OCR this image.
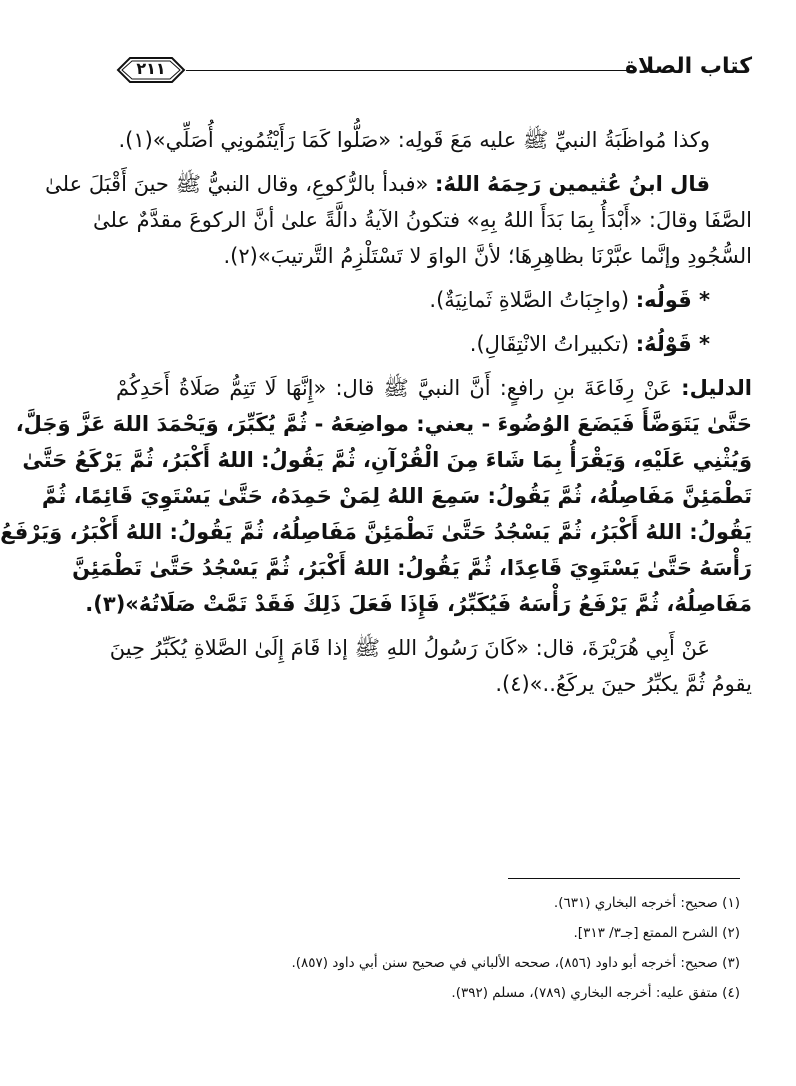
كتاب الصلاة
٢١١
وكذا مُواظَبَةُ النبيِّ ﷺ عليه مَعَ قَولِه: «صَلُّوا كَمَا رَأَيْتُمُونِي أُصَلِّي»(١).
قال ابنُ عُثيمين رَحِمَهُ اللهُ: «فبدأ بالرُّكوعِ، وقال النبيُّ ﷺ حينَ أَقْبَلَ علىٰ
الصَّفَا وقالَ: «أَبْدَأُ بِمَا بَدَأَ اللهُ بِهِ» فتكونُ الآيةُ دالَّةً علىٰ أنَّ الركوعَ مقدَّمٌ علىٰ
السُّجُودِ وإنَّما عبَّرْنَا بظاهِرِهَا؛ لأنَّ الواوَ لا تَسْتَلْزِمُ التَّرتيبَ»(٢).
* قَولُه: (واجِبَاتُ الصَّلاةِ ثَمانِيَةٌ).
* قَوْلُهُ: (تكبيراتُ الانْتِقَالِ).
الدليل: عَنْ رِفَاعَةَ بنِ رافعٍ: أَنَّ النبيَّ ﷺ قال: «إِنَّهَا لَا تَتِمُّ صَلَاةُ أَحَدِكُمْ
حَتَّىٰ يَتَوَضَّأَ فَيَضَعَ الوُضُوءَ - يعني: مواضِعَهُ - ثُمَّ يُكَبِّرَ، وَيَحْمَدَ اللهَ عَزَّ وَجَلَّ،
وَيُثْنِي عَلَيْهِ، وَيَقْرَأُ بِمَا شَاءَ مِنَ الْقُرْآنِ، ثُمَّ يَقُولُ: اللهُ أَكْبَرُ، ثُمَّ يَرْكَعُ حَتَّىٰ
تَطْمَئِنَّ مَفَاصِلُهُ، ثُمَّ يَقُولُ: سَمِعَ اللهُ لِمَنْ حَمِدَهُ، حَتَّىٰ يَسْتَوِيَ قَائِمًا، ثُمَّ
يَقُولُ: اللهُ أَكْبَرُ، ثُمَّ يَسْجُدُ حَتَّىٰ تَطْمَئِنَّ مَفَاصِلُهُ، ثُمَّ يَقُولُ: اللهُ أَكْبَرُ، وَيَرْفَعُ
رَأْسَهُ حَتَّىٰ يَسْتَوِيَ قَاعِدًا، ثُمَّ يَقُولُ: اللهُ أَكْبَرُ، ثُمَّ يَسْجُدُ حَتَّىٰ تَطْمَئِنَّ
مَفَاصِلُهُ، ثُمَّ يَرْفَعُ رَأْسَهُ فَيُكَبِّرُ، فَإِذَا فَعَلَ ذَلِكَ فَقَدْ تَمَّتْ صَلَاتُهُ»(٣).
عَنْ أَبِي هُرَيْرَةَ، قال: «كَانَ رَسُولُ اللهِ ﷺ إذا قَامَ إِلَىٰ الصَّلاةِ يُكَبِّرُ حِينَ
يقومُ ثُمَّ يكبِّرُ حينَ يركَعُ..»(٤).
(١) صحيح: أخرجه البخاري (٦٣١).
(٢) الشرح الممتع [جـ٣/ ٣١٣].
(٣) صحيح: أخرجه أبو داود (٨٥٦)، صححه الألباني في صحيح سنن أبي داود (٨٥٧).
(٤) متفق عليه: أخرجه البخاري (٧٨٩)، مسلم (٣٩٢).
